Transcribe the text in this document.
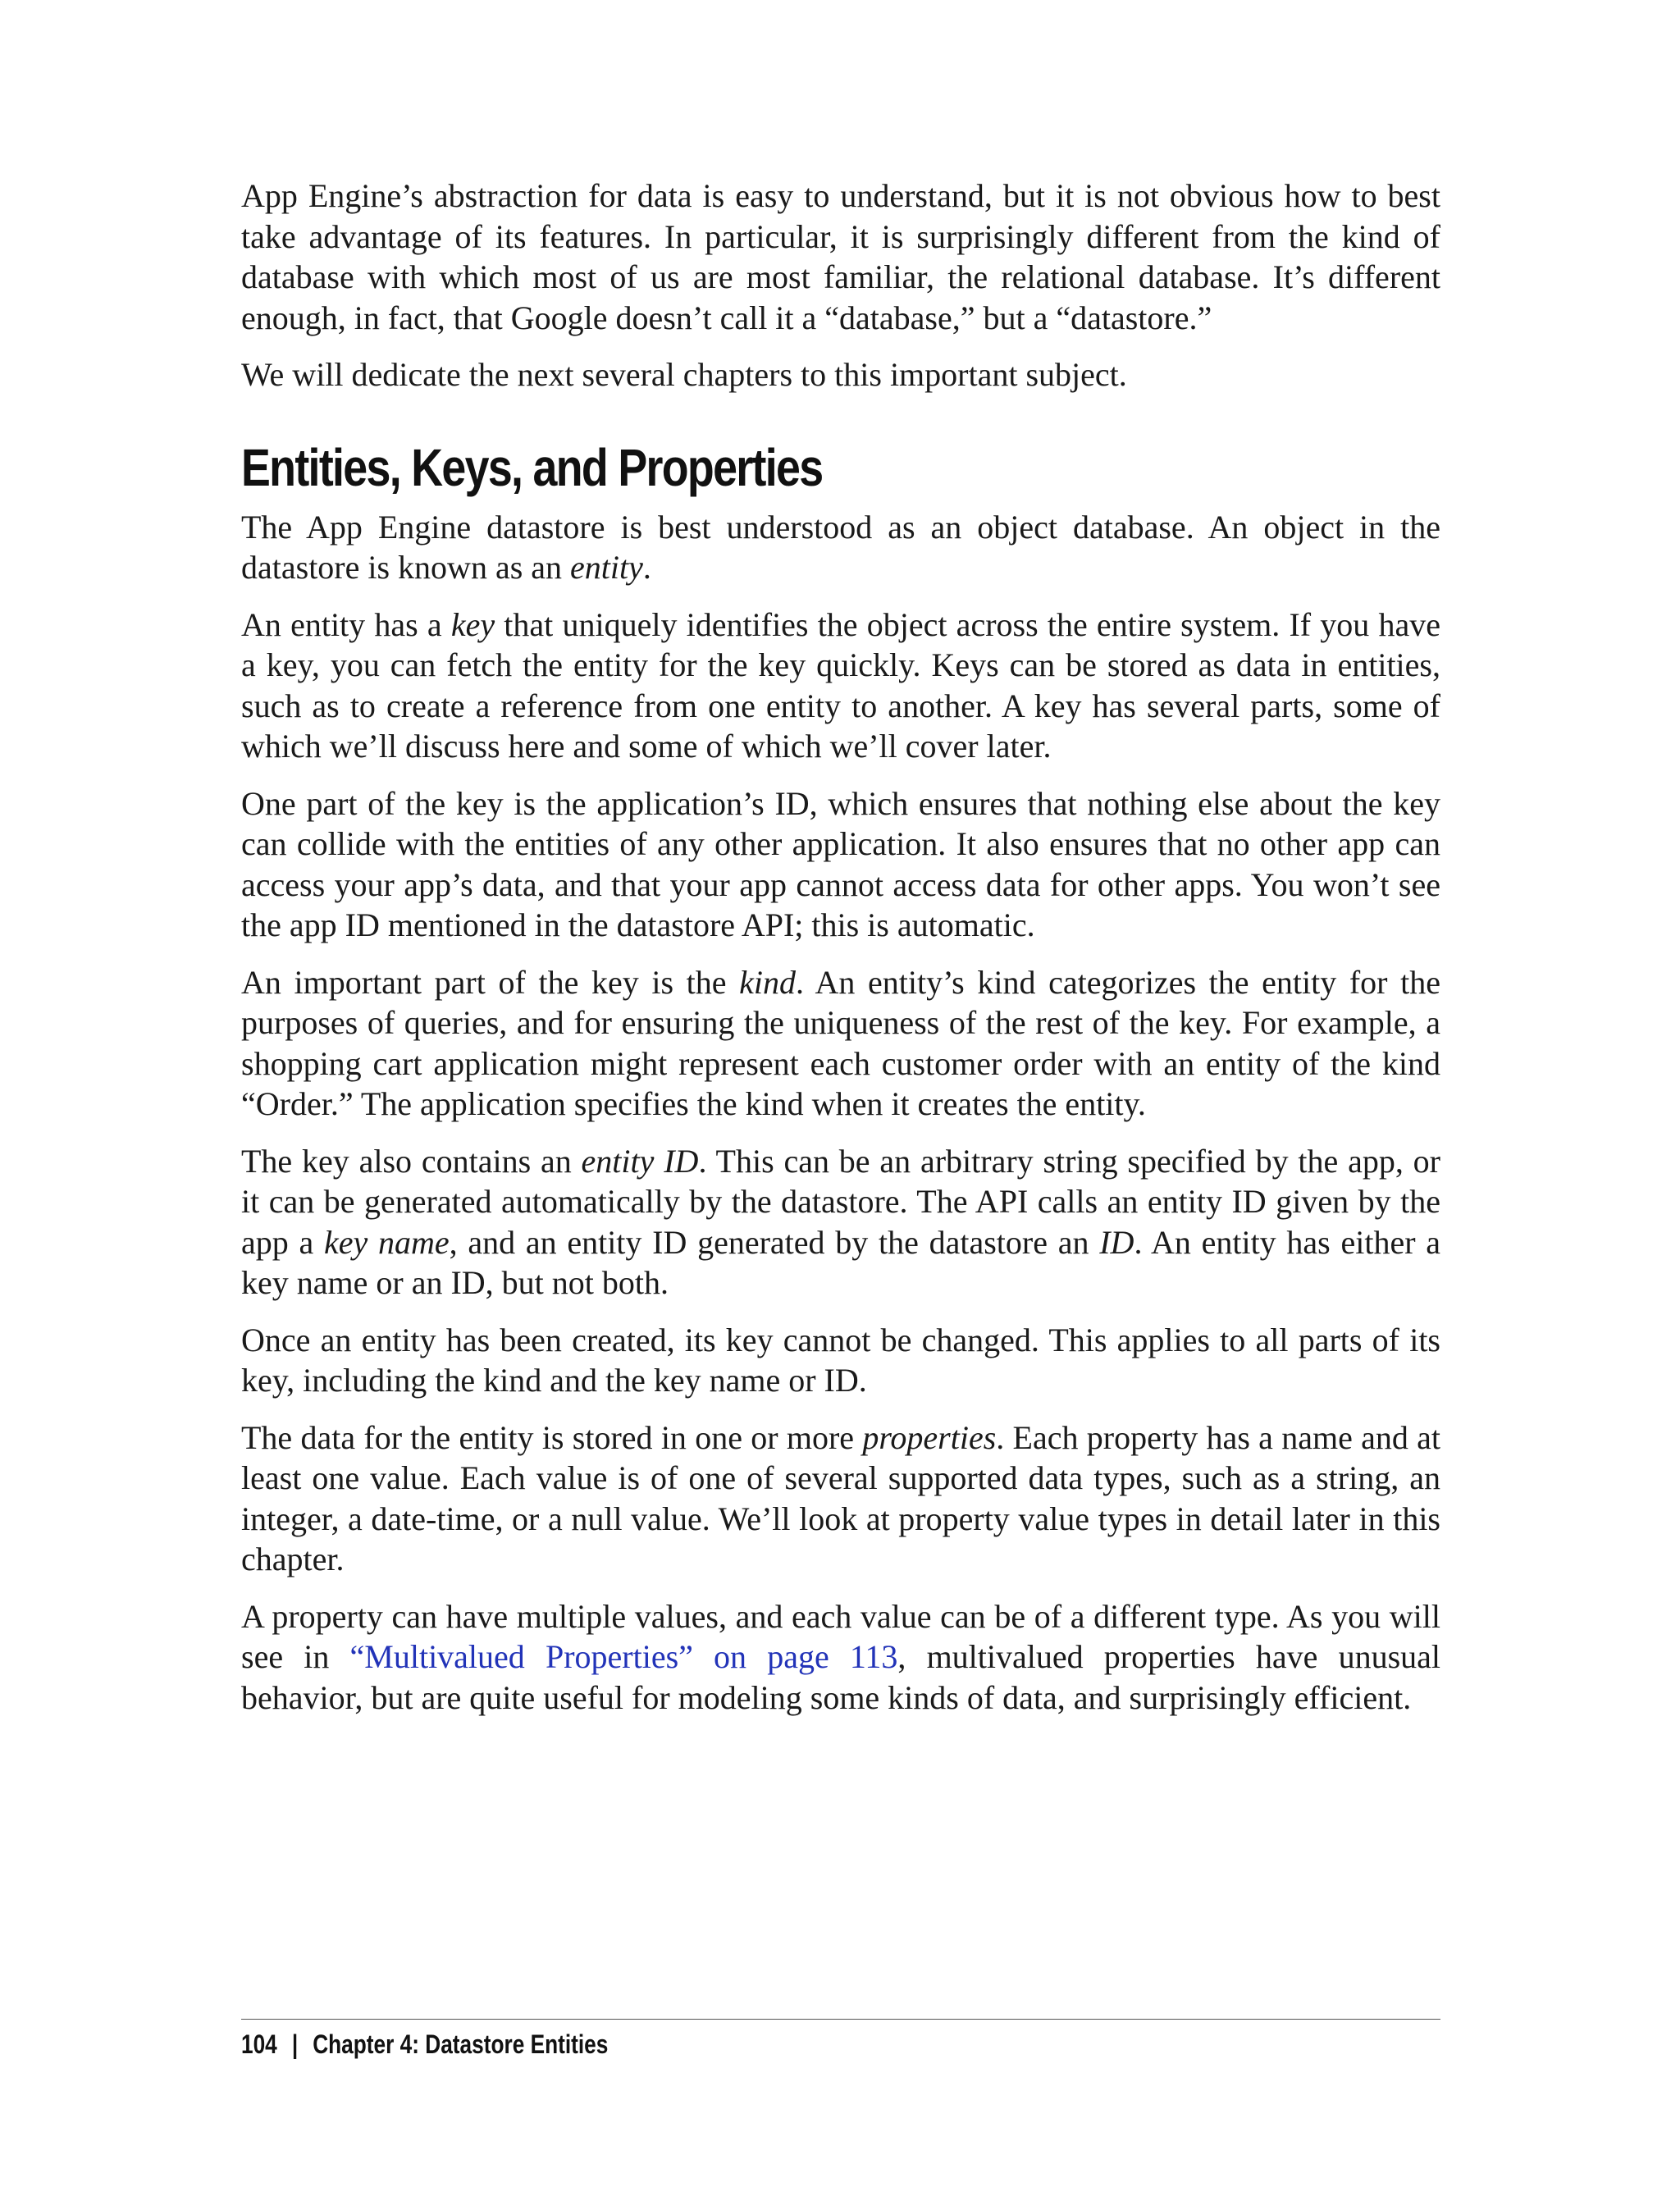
App Engine’s abstraction for data is easy to understand, but it is not obvious how to best take advantage of its features. In particular, it is surprisingly different from the kind of database with which most of us are most familiar, the relational database. It’s different enough, in fact, that Google doesn’t call it a “database,” but a “datastore.”

We will dedicate the next several chapters to this important subject.

Entities, Keys, and Properties

The App Engine datastore is best understood as an object database. An object in the datastore is known as an entity.

An entity has a key that uniquely identifies the object across the entire system. If you have a key, you can fetch the entity for the key quickly. Keys can be stored as data in entities, such as to create a reference from one entity to another. A key has several parts, some of which we’ll discuss here and some of which we’ll cover later.

One part of the key is the application’s ID, which ensures that nothing else about the key can collide with the entities of any other application. It also ensures that no other app can access your app’s data, and that your app cannot access data for other apps. You won’t see the app ID mentioned in the datastore API; this is automatic.

An important part of the key is the kind. An entity’s kind categorizes the entity for the purposes of queries, and for ensuring the uniqueness of the rest of the key. For example, a shopping cart application might represent each customer order with an entity of the kind “Order.” The application specifies the kind when it creates the entity.

The key also contains an entity ID. This can be an arbitrary string specified by the app, or it can be generated automatically by the datastore. The API calls an entity ID given by the app a key name, and an entity ID generated by the datastore an ID. An entity has either a key name or an ID, but not both.

Once an entity has been created, its key cannot be changed. This applies to all parts of its key, including the kind and the key name or ID.

The data for the entity is stored in one or more properties. Each property has a name and at least one value. Each value is of one of several supported data types, such as a string, an integer, a date-time, or a null value. We’ll look at property value types in detail later in this chapter.

A property can have multiple values, and each value can be of a different type. As you will see in “Multivalued Properties” on page 113, multivalued properties have unusual behavior, but are quite useful for modeling some kinds of data, and surprisingly efficient.

104 | Chapter 4: Datastore Entities
